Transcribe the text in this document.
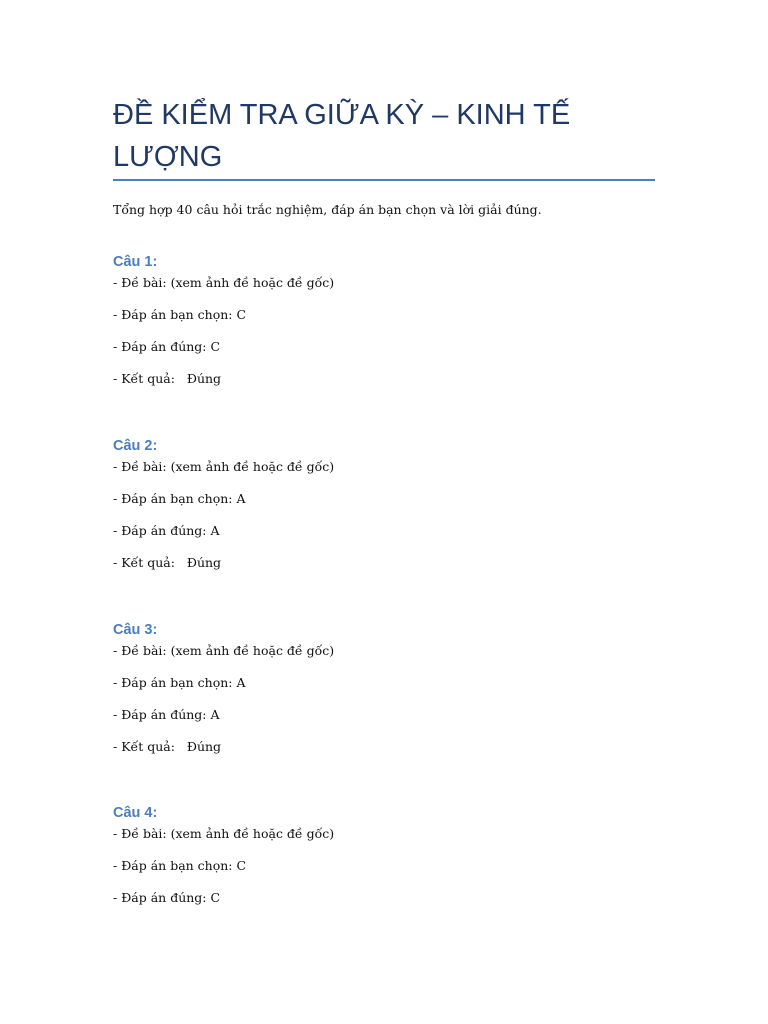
ĐỀ KIỂM TRA GIỮA KỲ – KINH TẾ LƯỢNG
Tổng hợp 40 câu hỏi trắc nghiệm, đáp án bạn chọn và lời giải đúng.
Câu 1:
- Đề bài: (xem ảnh đề hoặc đề gốc)
- Đáp án bạn chọn: C
- Đáp án đúng: C
- Kết quả:   Đúng
Câu 2:
- Đề bài: (xem ảnh đề hoặc đề gốc)
- Đáp án bạn chọn: A
- Đáp án đúng: A
- Kết quả:   Đúng
Câu 3:
- Đề bài: (xem ảnh đề hoặc đề gốc)
- Đáp án bạn chọn: A
- Đáp án đúng: A
- Kết quả:   Đúng
Câu 4:
- Đề bài: (xem ảnh đề hoặc đề gốc)
- Đáp án bạn chọn: C
- Đáp án đúng: C
